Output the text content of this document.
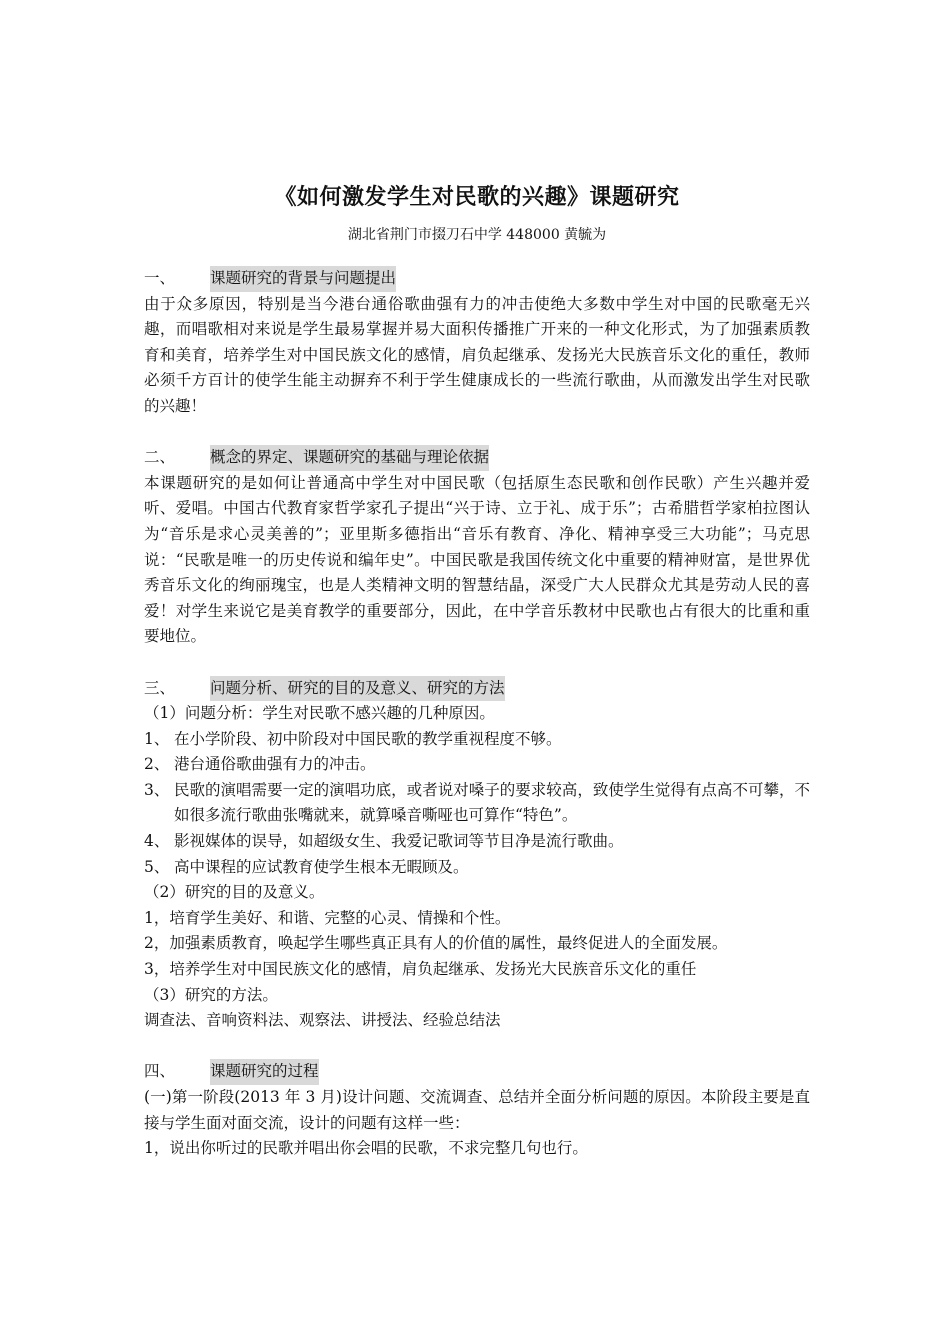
《如何激发学生对民歌的兴趣》课题研究
湖北省荆门市掇刀石中学 448000 黄毓为
一、	课题研究的背景与问题提出

由于众多原因，特别是当今港台通俗歌曲强有力的冲击使绝大多数中学生对中国的民歌毫无兴趣，而唱歌相对来说是学生最易掌握并易大面积传播推广开来的一种文化形式，为了加强素质教育和美育，培养学生对中国民族文化的感情，肩负起继承、发扬光大民族音乐文化的重任，教师必须千方百计的使学生能主动摒弃不利于学生健康成长的一些流行歌曲，从而激发出学生对民歌的兴趣！

二、	概念的界定、课题研究的基础与理论依据

本课题研究的是如何让普通高中学生对中国民歌（包括原生态民歌和创作民歌）产生兴趣并爱听、爱唱。中国古代教育家哲学家孔子提出“兴于诗、立于礼、成于乐”；古希腊哲学家柏拉图认为“音乐是求心灵美善的”；亚里斯多德指出“音乐有教育、净化、精神享受三大功能”；马克思说：“民歌是唯一的历史传说和编年史”。中国民歌是我国传统文化中重要的精神财富，是世界优秀音乐文化的绚丽瑰宝，也是人类精神文明的智慧结晶，深受广大人民群众尤其是劳动人民的喜爱！对学生来说它是美育教学的重要部分，因此，在中学音乐教材中民歌也占有很大的比重和重要地位。

三、	问题分析、研究的目的及意义、研究的方法

（1）问题分析：学生对民歌不感兴趣的几种原因。

1、 在小学阶段、初中阶段对中国民歌的教学重视程度不够。
2、 港台通俗歌曲强有力的冲击。
3、 民歌的演唱需要一定的演唱功底，或者说对嗓子的要求较高，致使学生觉得有点高不可攀，不如很多流行歌曲张嘴就来，就算嗓音嘶哑也可算作“特色”。
4、 影视媒体的误导，如超级女生、我爱记歌词等节目净是流行歌曲。
5、 高中课程的应试教育使学生根本无暇顾及。

（2）研究的目的及意义。

1，培育学生美好、和谐、完整的心灵、情操和个性。

2，加强素质教育，唤起学生哪些真正具有人的价值的属性，最终促进人的全面发展。

3，培养学生对中国民族文化的感情，肩负起继承、发扬光大民族音乐文化的重任

（3）研究的方法。

调查法、音响资料法、观察法、讲授法、经验总结法

四、	课题研究的过程

(一)第一阶段(2013 年 3 月)设计问题、交流调查、总结并全面分析问题的原因。本阶段主要是直接与学生面对面交流，设计的问题有这样一些：

1，说出你听过的民歌并唱出你会唱的民歌，不求完整几句也行。
